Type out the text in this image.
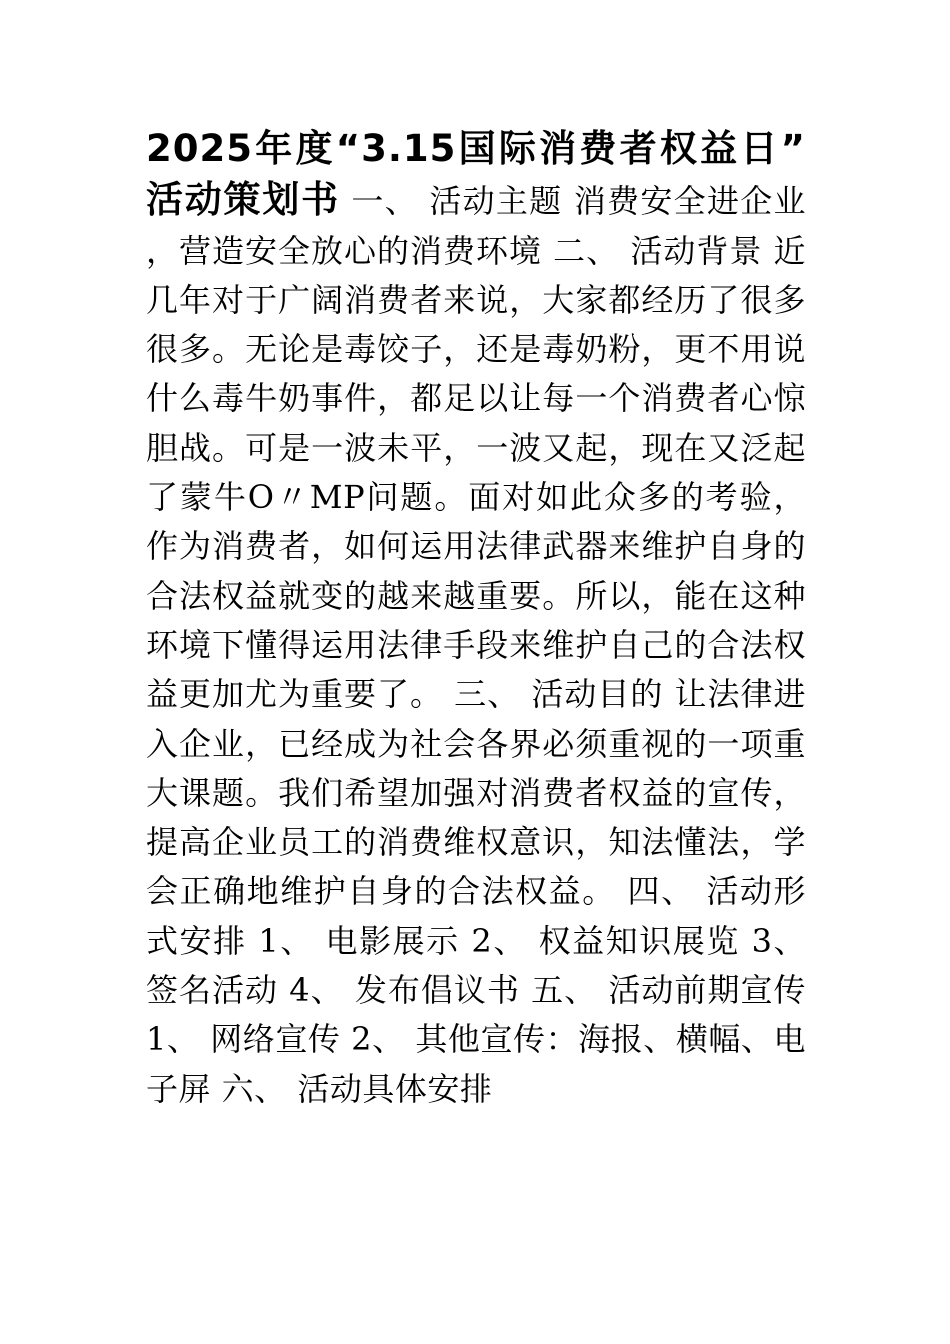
2025年度“3.15国际消费者权益日”活动策划书 一、 活动主题 消费安全进企业，营造安全放心的消费环境 二、 活动背景 近几年对于广阔消费者来说，大家都经历了很多很多。无论是毒饺子，还是毒奶粉，更不用说什么毒牛奶事件，都足以让每一个消费者心惊胆战。可是一波未平，一波又起，现在又泛起了蒙牛O〃MP问题。面对如此众多的考验，作为消费者，如何运用法律武器来维护自身的合法权益就变的越来越重要。所以，能在这种环境下懂得运用法律手段来维护自己的合法权益更加尤为重要了。 三、 活动目的 让法律进入企业，已经成为社会各界必须重视的一项重大课题。我们希望加强对消费者权益的宣传，提高企业员工的消费维权意识，知法懂法，学会正确地维护自身的合法权益。 四、 活动形式安排 1、 电影展示 2、 权益知识展览 3、 签名活动 4、 发布倡议书 五、 活动前期宣传 1、 网络宣传 2、 其他宣传：海报、横幅、电子屏 六、 活动具体安排
